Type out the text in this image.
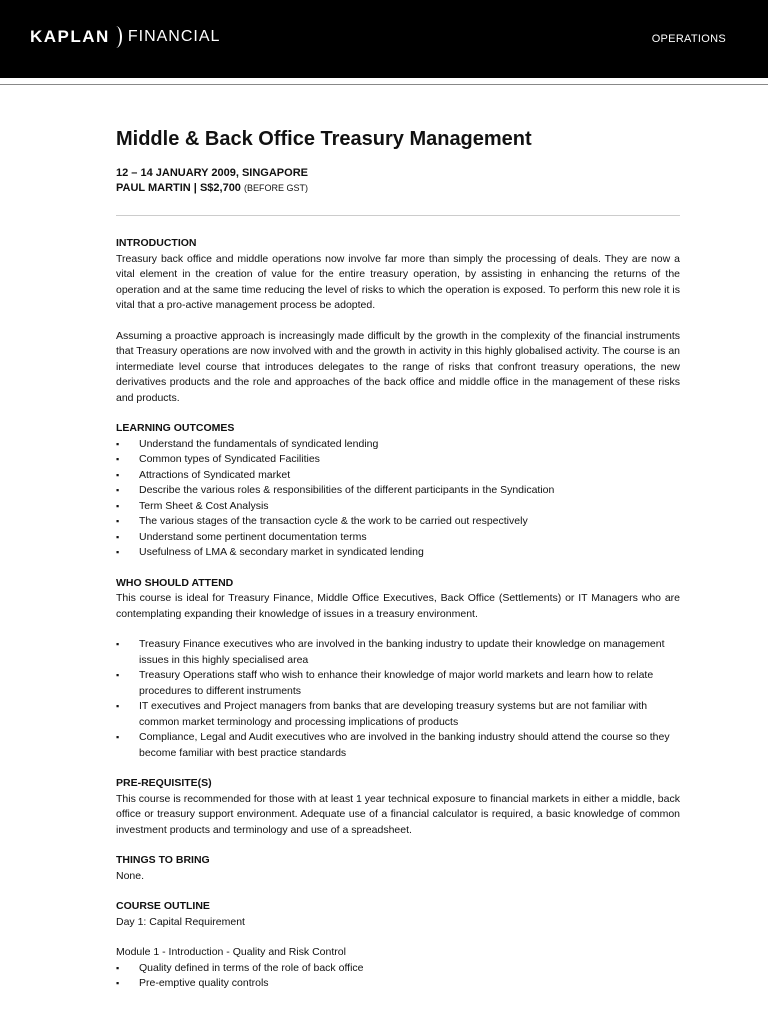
KAPLAN FINANCIAL	OPERATIONS
Middle & Back Office Treasury Management
12 – 14 JANUARY 2009, SINGAPORE
PAUL MARTIN | S$2,700 (BEFORE GST)
INTRODUCTION

Treasury back office and middle operations now involve far more than simply the processing of deals. They are now a vital element in the creation of value for the entire treasury operation, by assisting in enhancing the returns of the operation and at the same time reducing the level of risks to which the operation is exposed. To perform this new role it is vital that a pro-active management process be adopted.

Assuming a proactive approach is increasingly made difficult by the growth in the complexity of the financial instruments that Treasury operations are now involved with and the growth in activity in this highly globalised activity. The course is an intermediate level course that introduces delegates to the range of risks that confront treasury operations, the new derivatives products and the role and approaches of the back office and middle office in the management of these risks and products.

LEARNING OUTCOMES
▪ Understand the fundamentals of syndicated lending
▪ Common types of Syndicated Facilities
▪ Attractions of Syndicated market
▪ Describe the various roles & responsibilities of the different participants in the Syndication
▪ Term Sheet & Cost Analysis
▪ The various stages of the transaction cycle & the work to be carried out respectively
▪ Understand some pertinent documentation terms
▪ Usefulness of LMA & secondary market in syndicated lending
WHO SHOULD ATTEND

This course is ideal for Treasury Finance, Middle Office Executives, Back Office (Settlements) or IT Managers who are contemplating expanding their knowledge of issues in a treasury environment.

▪ Treasury Finance executives who are involved in the banking industry to update their knowledge on management issues in this highly specialised area
▪ Treasury Operations staff who wish to enhance their knowledge of major world markets and learn how to relate procedures to different instruments
▪ IT executives and Project managers from banks that are developing treasury systems but are not familiar with common market terminology and processing implications of products
▪ Compliance, Legal and Audit executives who are involved in the banking industry should attend the course so they become familiar with best practice standards
PRE-REQUISITE(S)

This course is recommended for those with at least 1 year technical exposure to financial markets in either a middle, back office or treasury support environment. Adequate use of a financial calculator is required, a basic knowledge of common investment products and terminology and use of a spreadsheet.

THINGS TO BRING

None.

COURSE OUTLINE

Day 1: Capital Requirement

Module 1 - Introduction - Quality and Risk Control

▪ Quality defined in terms of the role of back office
▪ Pre-emptive quality controls
